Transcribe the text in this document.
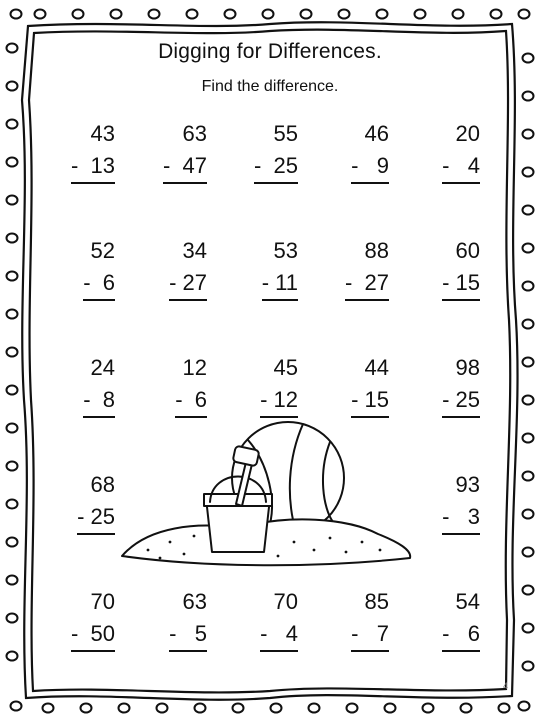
Digging for Differences.
Find the difference.
43
-  13
63
-  47
55
-  25
46
-   9
20
-   4
52
-  6
34
- 27
53
- 11
88
-  27
60
- 15
24
-  8
12
-  6
45
- 12
44
- 15
98
- 25
68
- 25
93
-   3
70
-  50
63
-   5
70
-   4
85
-   7
54
-   6
4
